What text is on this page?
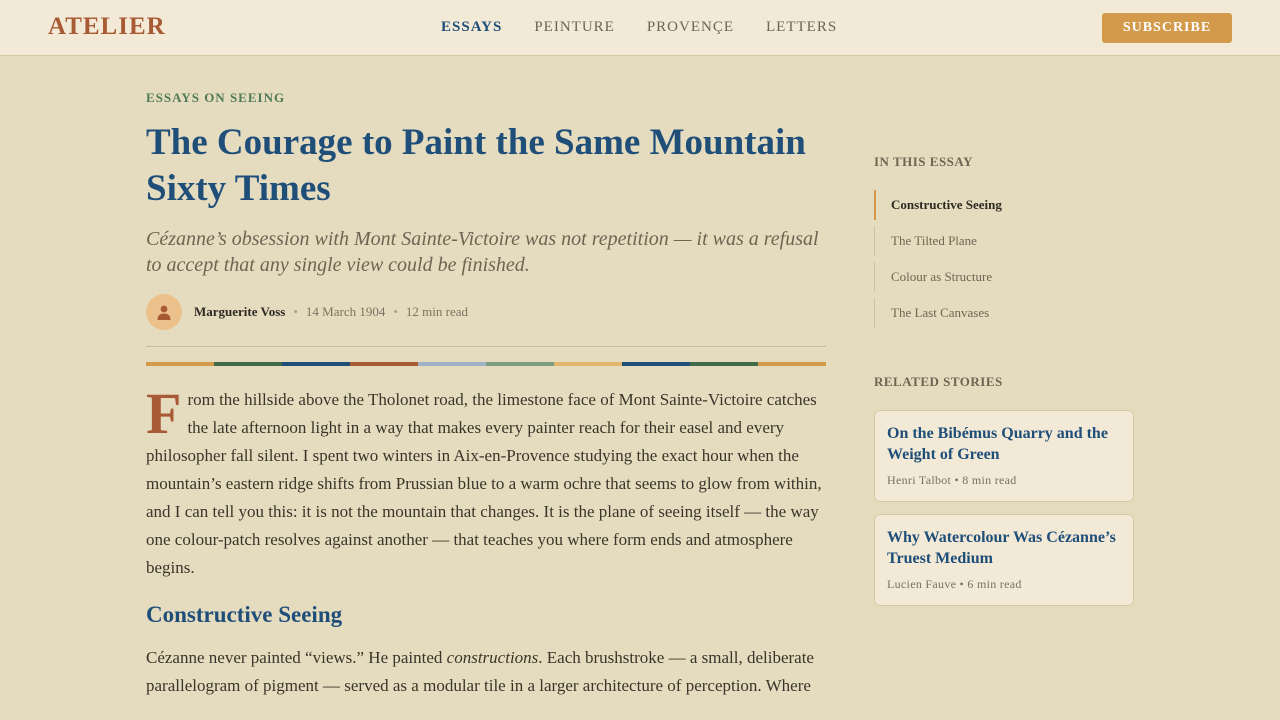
ATELIER	ESSAYS PEINTURE PROVENÇE LETTERS	SUBSCRIBE
ESSAYS ON SEEING
The Courage to Paint the Same Mountain Sixty Times

Cézanne’s obsession with Mont Sainte-Victoire was not repetition — it was a refusal to accept that any single view could be finished.

Marguerite Voss • 14 March 1904 • 12 min read

From the hillside above the Tholonet road, the limestone face of Mont Sainte-Victoire catches the late afternoon light in a way that makes every painter reach for their easel and every philosopher fall silent. I spent two winters in Aix-en-Provence studying the exact hour when the mountain’s eastern ridge shifts from Prussian blue to a warm ochre that seems to glow from within, and I can tell you this: it is not the mountain that changes. It is the plane of seeing itself — the way one colour-patch resolves against another — that teaches you where form ends and atmosphere begins.

Constructive Seeing

Cézanne never painted “views.” He painted constructions. Each brushstroke — a small, deliberate parallelogram of pigment — served as a modular tile in a larger architecture of perception. Where

IN THIS ESSAY
Constructive Seeing
The Tilted Plane
Colour as Structure
The Last Canvases
RELATED STORIES
On the Bibémus Quarry and the Weight of Green
Henri Talbot • 8 min read
Why Watercolour Was Cézanne’s Truest Medium
Lucien Fauve • 6 min read
